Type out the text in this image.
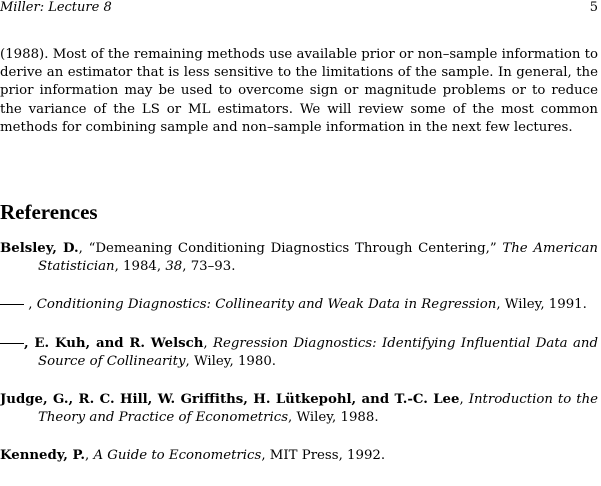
Miller: Lecture 8	5

(1988). Most of the remaining methods use available prior or non–sample information to derive an estimator that is less sensitive to the limitations of the sample. In general, the prior information may be used to overcome sign or magnitude problems or to reduce the variance of the LS or ML estimators. We will review some of the most common methods for combining sample and non–sample information in the next few lectures.

References

Belsley, D., “Demeaning Conditioning Diagnostics Through Centering,” The American Statistician, 1984, 38, 73–93.

, Conditioning Diagnostics: Collinearity and Weak Data in Regression, Wiley, 1991.

, E. Kuh, and R. Welsch, Regression Diagnostics: Identifying Influential Data and Source of Collinearity, Wiley, 1980.

Judge, G., R. C. Hill, W. Griffiths, H. Lütkepohl, and T.-C. Lee, Introduction to the Theory and Practice of Econometrics, Wiley, 1988.

Kennedy, P., A Guide to Econometrics, MIT Press, 1992.
